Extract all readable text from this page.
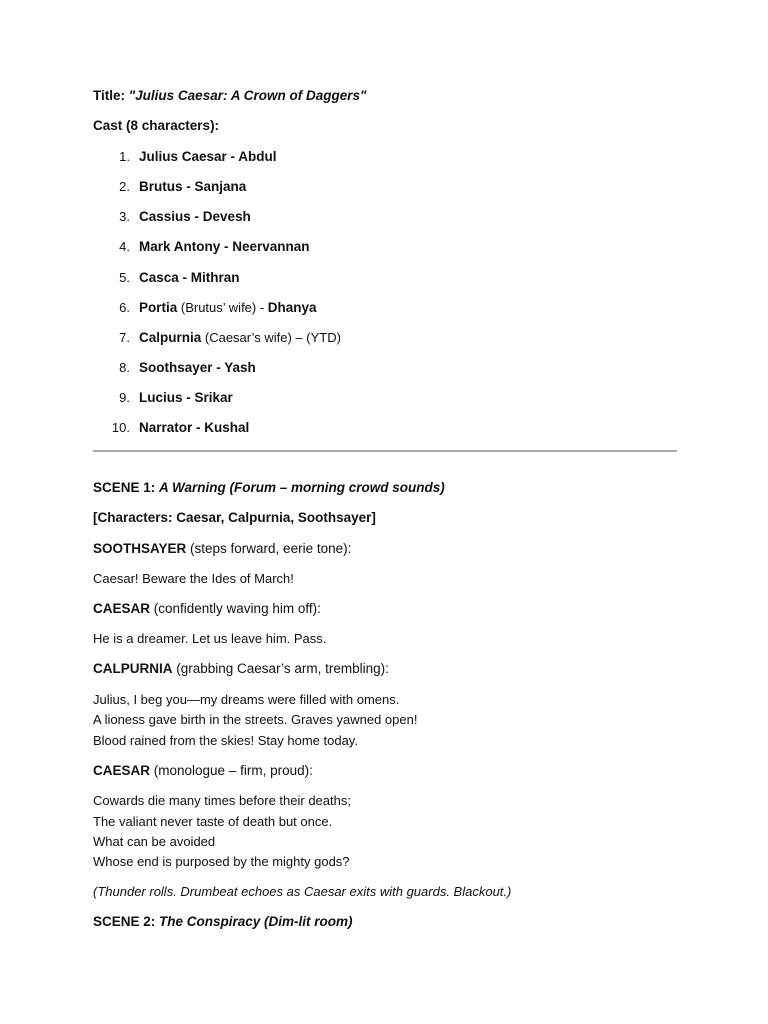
Title: "Julius Caesar: A Crown of Daggers"
Cast (8 characters):
1. Julius Caesar - Abdul
2. Brutus - Sanjana
3. Cassius - Devesh
4. Mark Antony - Neervannan
5. Casca - Mithran
6. Portia (Brutus’ wife) - Dhanya
7. Calpurnia (Caesar’s wife) – (YTD)
8. Soothsayer - Yash
9. Lucius - Srikar
10. Narrator - Kushal
SCENE 1: A Warning (Forum – morning crowd sounds)
[Characters: Caesar, Calpurnia, Soothsayer]
SOOTHSAYER (steps forward, eerie tone):
Caesar! Beware the Ides of March!
CAESAR (confidently waving him off):
He is a dreamer. Let us leave him. Pass.
CALPURNIA (grabbing Caesar’s arm, trembling):
Julius, I beg you—my dreams were filled with omens.
A lioness gave birth in the streets. Graves yawned open!
Blood rained from the skies! Stay home today.
CAESAR (monologue – firm, proud):
Cowards die many times before their deaths;
The valiant never taste of death but once.
What can be avoided
Whose end is purposed by the mighty gods?
(Thunder rolls. Drumbeat echoes as Caesar exits with guards. Blackout.)
SCENE 2: The Conspiracy (Dim-lit room)
